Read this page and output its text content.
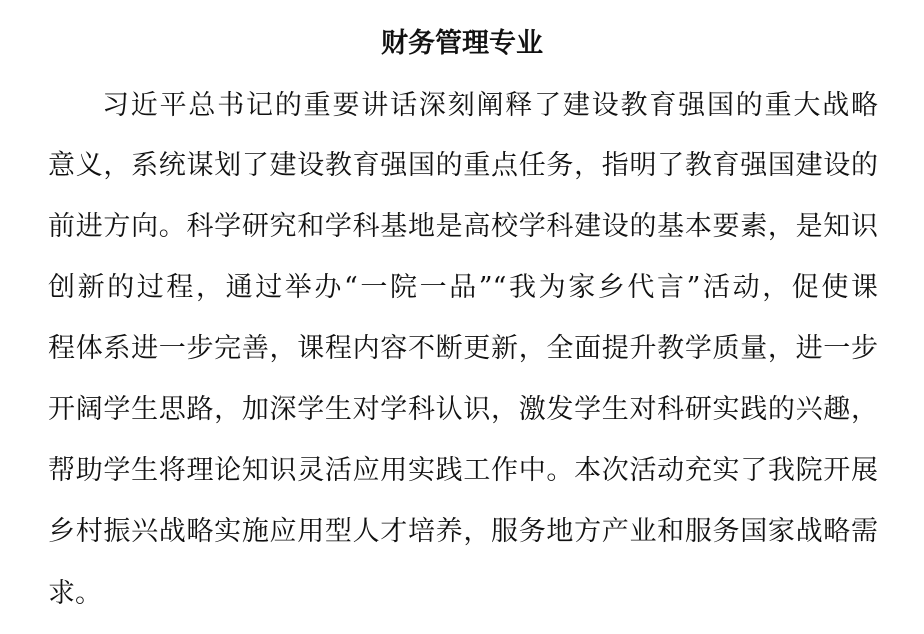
财务管理专业
习近平总书记的重要讲话深刻阐释了建设教育强国的重大战略
意义，系统谋划了建设教育强国的重点任务，指明了教育强国建设的
前进方向。科学研究和学科基地是高校学科建设的基本要素，是知识
创新的过程，通过举办“一院一品”“我为家乡代言”活动，促使课
程体系进一步完善，课程内容不断更新，全面提升教学质量，进一步
开阔学生思路，加深学生对学科认识，激发学生对科研实践的兴趣，
帮助学生将理论知识灵活应用实践工作中。本次活动充实了我院开展
乡村振兴战略实施应用型人才培养，服务地方产业和服务国家战略需
求。
